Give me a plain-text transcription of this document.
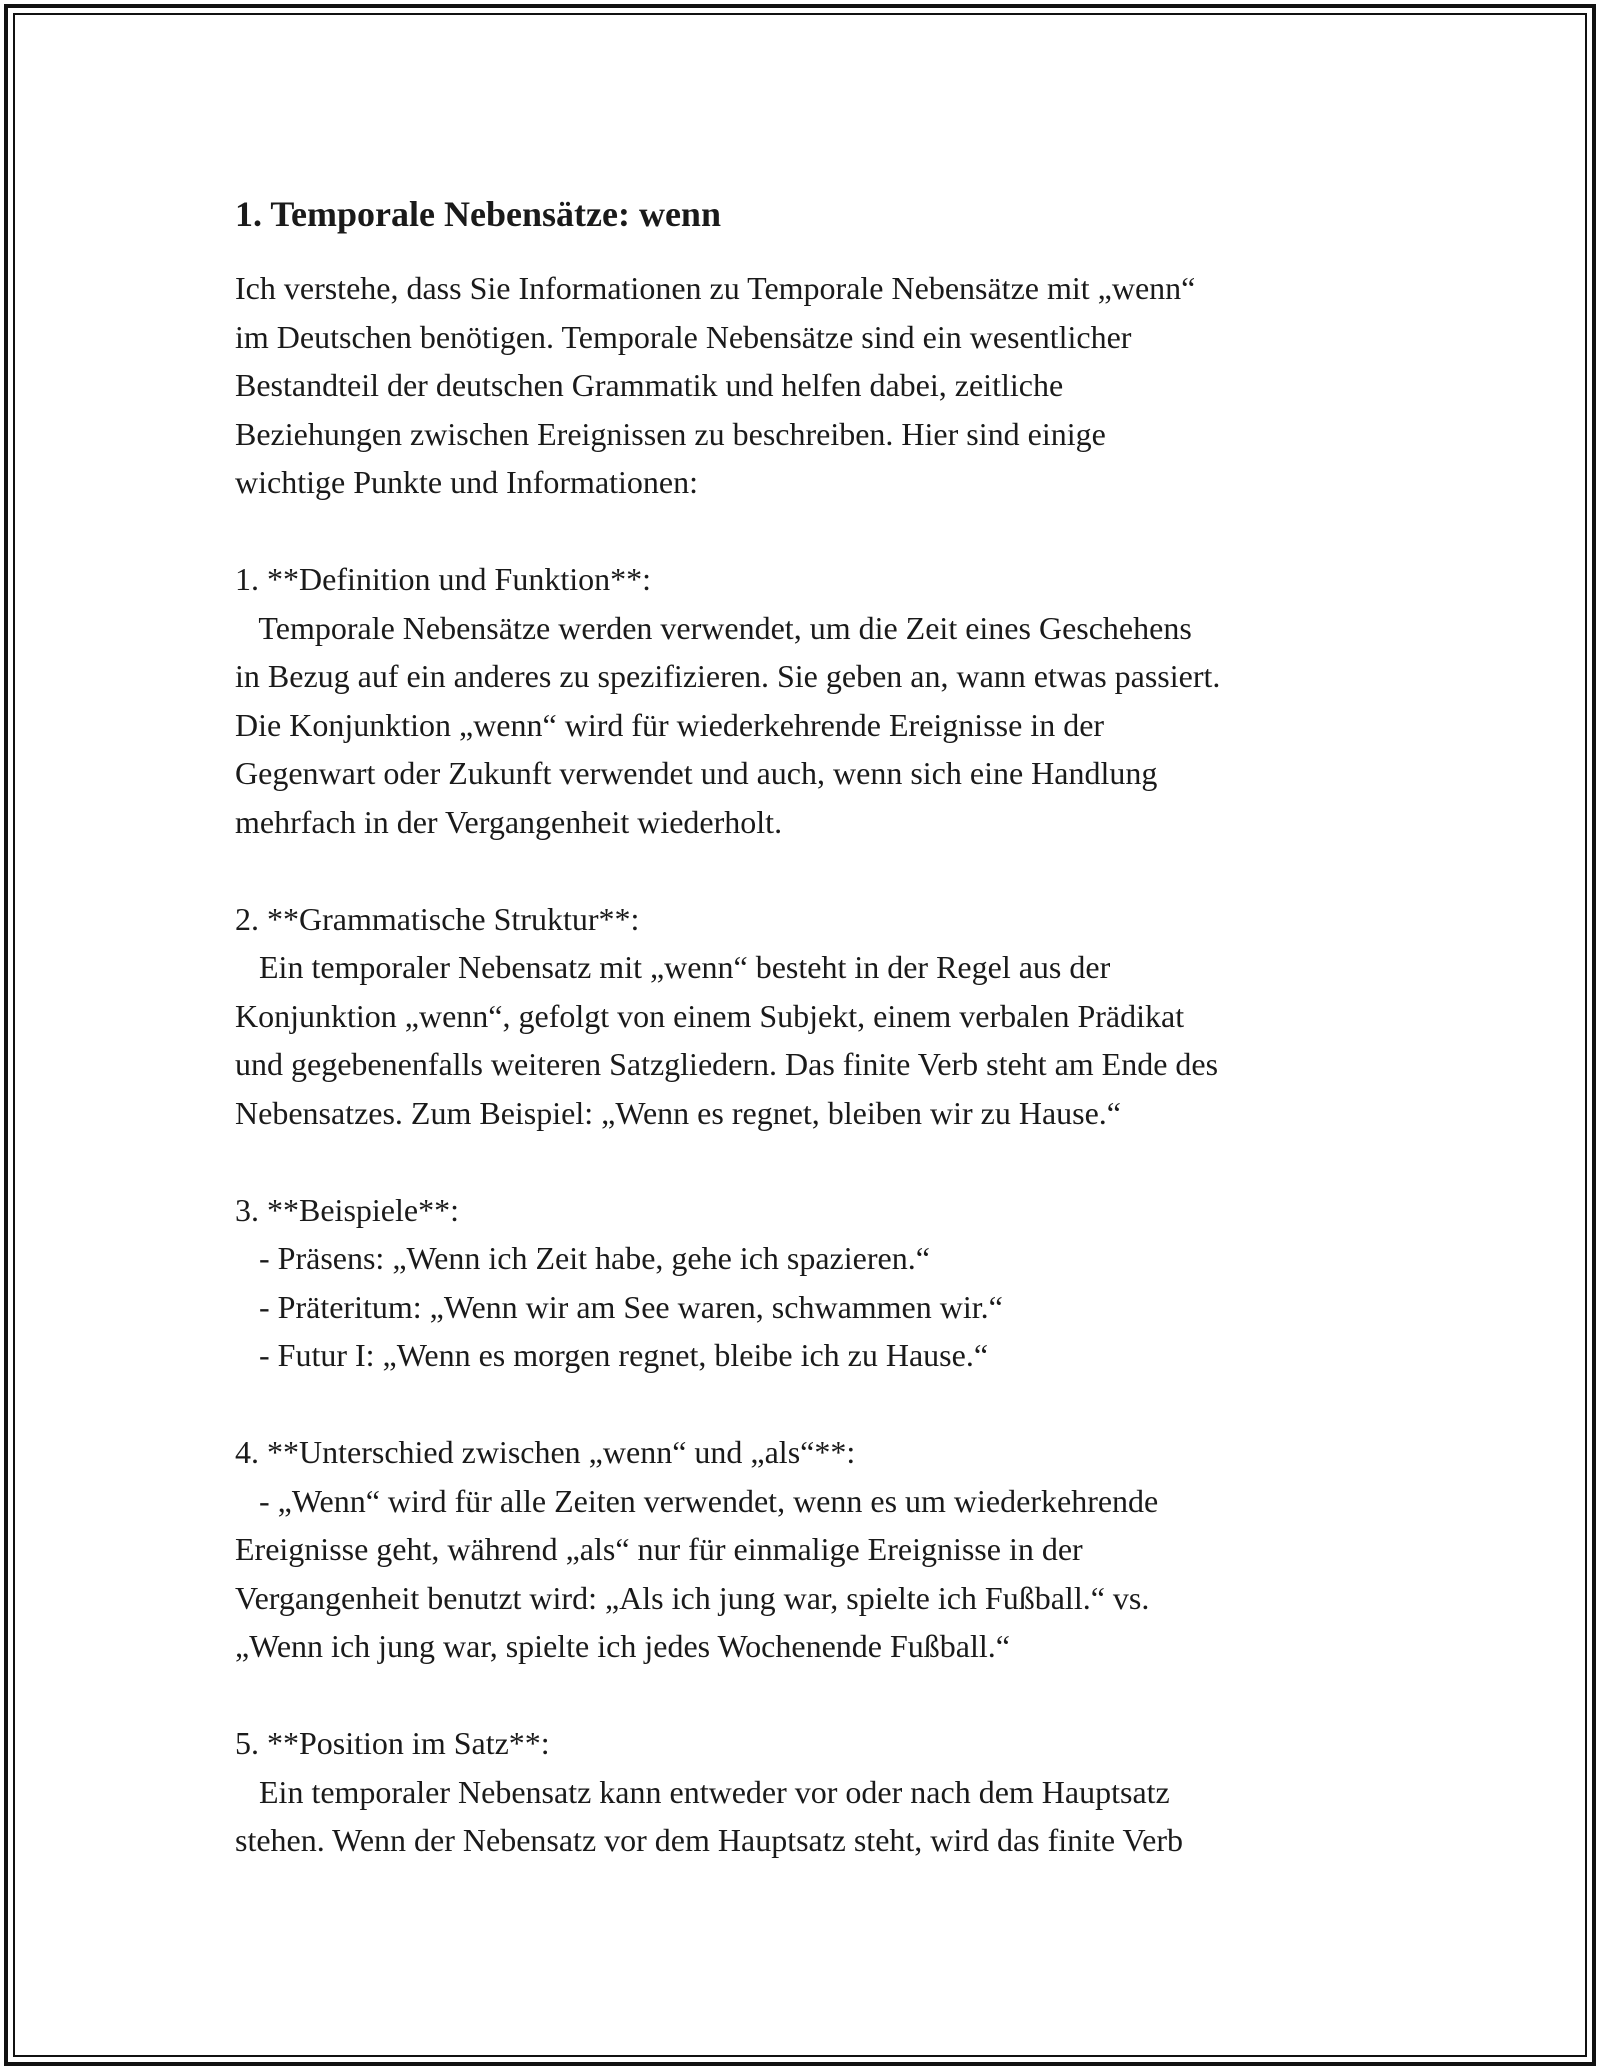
1. Temporale Nebensätze: wenn
Ich verstehe, dass Sie Informationen zu Temporale Nebensätze mit „wenn“
im Deutschen benötigen. Temporale Nebensätze sind ein wesentlicher
Bestandteil der deutschen Grammatik und helfen dabei, zeitliche
Beziehungen zwischen Ereignissen zu beschreiben. Hier sind einige
wichtige Punkte und Informationen:
1. **Definition und Funktion**:
Temporale Nebensätze werden verwendet, um die Zeit eines Geschehens
in Bezug auf ein anderes zu spezifizieren. Sie geben an, wann etwas passiert.
Die Konjunktion „wenn“ wird für wiederkehrende Ereignisse in der
Gegenwart oder Zukunft verwendet und auch, wenn sich eine Handlung
mehrfach in der Vergangenheit wiederholt.
2. **Grammatische Struktur**:
Ein temporaler Nebensatz mit „wenn“ besteht in der Regel aus der
Konjunktion „wenn“, gefolgt von einem Subjekt, einem verbalen Prädikat
und gegebenenfalls weiteren Satzgliedern. Das finite Verb steht am Ende des
Nebensatzes. Zum Beispiel: „Wenn es regnet, bleiben wir zu Hause.“
3. **Beispiele**:
- Präsens: „Wenn ich Zeit habe, gehe ich spazieren.“
- Präteritum: „Wenn wir am See waren, schwammen wir.“
- Futur I: „Wenn es morgen regnet, bleibe ich zu Hause.“
4. **Unterschied zwischen „wenn“ und „als“**:
- „Wenn“ wird für alle Zeiten verwendet, wenn es um wiederkehrende
Ereignisse geht, während „als“ nur für einmalige Ereignisse in der
Vergangenheit benutzt wird: „Als ich jung war, spielte ich Fußball.“ vs.
„Wenn ich jung war, spielte ich jedes Wochenende Fußball.“
5. **Position im Satz**:
Ein temporaler Nebensatz kann entweder vor oder nach dem Hauptsatz
stehen. Wenn der Nebensatz vor dem Hauptsatz steht, wird das finite Verb
